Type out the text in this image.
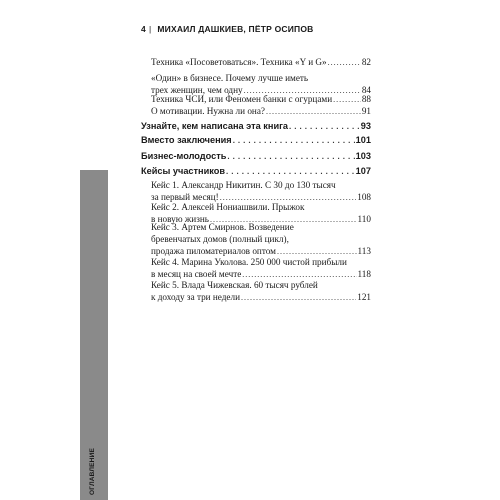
4 | МИХАИЛ ДАШКИЕВ, ПЁТР ОСИПОВ
ОГЛАВЛЕНИЕ
Техника «Посоветоваться». Техника «Y и G» . . .	82
«Один» в бизнесе. Почему лучше иметь
трех женщин, чем одну . . .	84
Техника ЧСИ, или Феномен банки с огурцами . . .	88
О мотивации. Нужна ли она? . . .	91
Узнайте, кем написана эта книга . . .	93
Вместо заключения . . .	101
Бизнес-молодость . . .	103
Кейсы участников . . .	107
Кейс 1. Александр Никитин. С 30 до 130 тысяч
за первый месяц! . . .	108
Кейс 2. Алексей Нониашвили. Прыжок
в новую жизнь . . .	110
Кейс 3. Артем Смирнов. Возведение
бревенчатых домов (полный цикл),
продажа пиломатериалов оптом . . .	113
Кейс 4. Марина Уколова. 250 000 чистой прибыли
в месяц на своей мечте . . .	118
Кейс 5. Влада Чижевская. 60 тысяч рублей
к доходу за три недели . . .	121
